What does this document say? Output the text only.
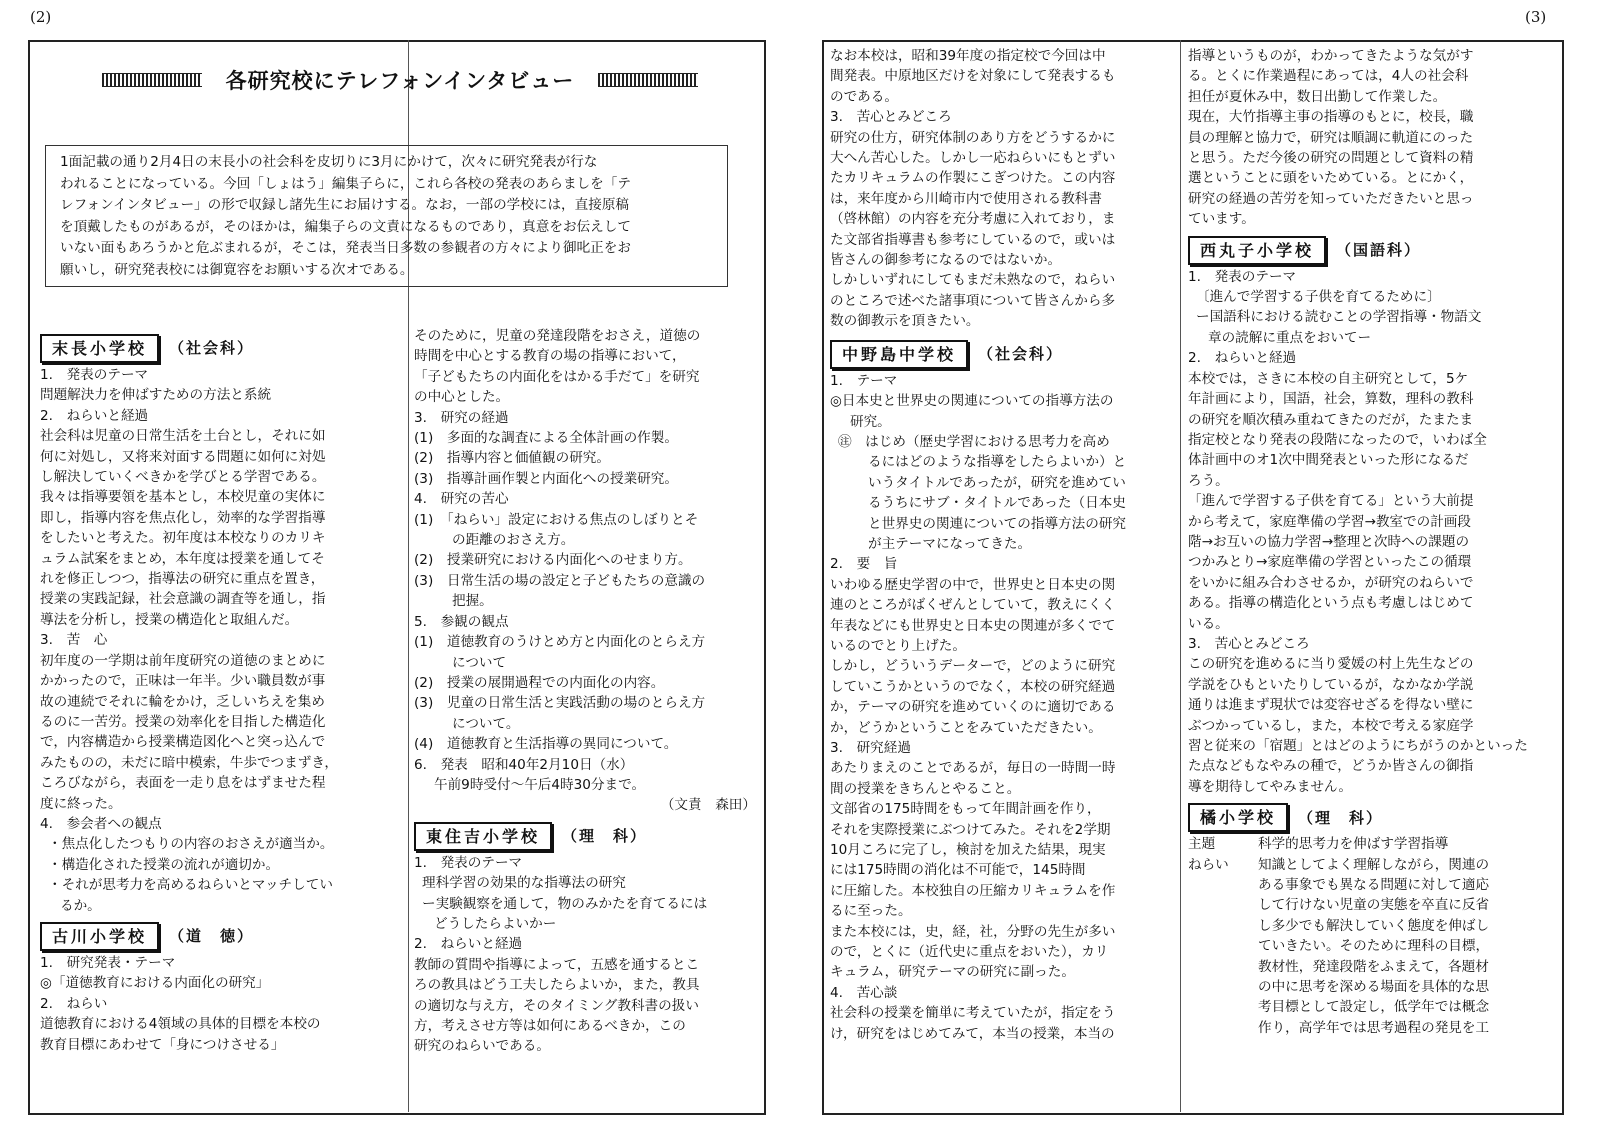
(2)	(3)
各研究校にテレフォンインタビュー

1面記載の通り2月4日の末長小の社会科を皮切りに3月にかけて，次々に研究発表が行な

われることになっている。今回「しょはう」編集子らに，これら各校の発表のあらましを「テ

レフォンインタビュー」の形で収録し諸先生にお届けする。なお，一部の学校には，直接原稿

を頂戴したものがあるが，そのほかは，編集子らの文責になるものであり，真意をお伝えして

いない面もあろうかと危ぶまれるが，そこは，発表当日多数の参観者の方々により御叱正をお

願いし，研究発表校には御寛容をお願いする次オである。

末長小学校	（社会科）

1.　発表のテーマ

問題解決力を伸ばすための方法と系統

2.　ねらいと経過

社会科は児童の日常生活を土台とし，それに如

何に対処し，又将来対面する問題に如何に対処

し解決していくべきかを学びとる学習である。

我々は指導要領を基本とし，本校児童の実体に

即し，指導内容を焦点化し，効率的な学習指導

をしたいと考えた。初年度は本校なりのカリキ

ュラム試案をまとめ，本年度は授業を通してそ

れを修正しつつ，指導法の研究に重点を置き，

授業の実践記録，社会意識の調査等を通し，指

導法を分析し，授業の構造化と取組んだ。

3.　苦　心

初年度の一学期は前年度研究の道徳のまとめに

かかったので，正味は一年半。少い職員数が事

故の連続でそれに輪をかけ，乏しいちえを集め

るのに一苦労。授業の効率化を目指した構造化

で，内容構造から授業構造図化へと突っ込んで

みたものの，未だに暗中模索，牛歩でつまずき，

ころびながら，表面を一走り息をはずませた程

度に終った。

4.　参会者への観点

・焦点化したつもりの内容のおさえが適当か。

・構造化された授業の流れが適切か。

・それが思考力を高めるねらいとマッチしてい

るか。

古川小学校	（道　徳）

1.　研究発表・テーマ

◎「道徳教育における内面化の研究」

2.　ねらい

道徳教育における4領域の具体的目標を本校の

教育目標にあわせて「身につけさせる」

そのために，児童の発達段階をおさえ，道徳の

時間を中心とする教育の場の指導において，

「子どもたちの内面化をはかる手だて」を研究

の中心とした。

3.　研究の経過

(1)　多面的な調査による全体計画の作製。

(2)　指導内容と価値観の研究。

(3)　指導計画作製と内面化への授業研究。

4.　研究の苦心

(1)　「ねらい」設定における焦点のしぼりとそ

の距離のおさえ方。

(2)　授業研究における内面化へのせまり方。

(3)　日常生活の場の設定と子どもたちの意識の

把握。

5.　参観の観点

(1)　道徳教育のうけとめ方と内面化のとらえ方

について

(2)　授業の展開過程での内面化の内容。

(3)　児童の日常生活と実践活動の場のとらえ方

について。

(4)　道徳教育と生活指導の異同について。

6.　発表　昭和40年2月10日（水）

午前9時受付〜午后4時30分まで。

（文責　森田）
東住吉小学校	（理　科）

1.　発表のテーマ

理科学習の効果的な指導法の研究

ー実験観察を通して，物のみかたを育てるには

どうしたらよいかー

2.　ねらいと経過

教師の質問や指導によって，五感を通するとこ

ろの教具はどう工夫したらよいか，また，教具

の適切な与え方，そのタイミング教科書の扱い

方，考えさせ方等は如何にあるべきか，この

研究のねらいである。

なお本校は，昭和39年度の指定校で今回は中

間発表。中原地区だけを対象にして発表するも

のである。

3.　苦心とみどころ

研究の仕方，研究体制のあり方をどうするかに

大へん苦心した。しかし一応ねらいにもとずい

たカリキュラムの作製にこぎつけた。この内容

は，来年度から川崎市内で使用される教科書

（啓林館）の内容を充分考慮に入れており，ま

た文部省指導書も参考にしているので，或いは

皆さんの御参考になるのではないか。

しかしいずれにしてもまだ未熟なので，ねらい

のところで述べた諸事項について皆さんから多

数の御教示を頂きたい。

中野島中学校	（社会科）

1.　テーマ

◎日本史と世界史の関連についての指導方法の

研究。

㊟　はじめ（歴史学習における思考力を高め

るにはどのような指導をしたらよいか）と

いうタイトルであったが，研究を進めてい

るうちにサブ・タイトルであった（日本史

と世界史の関連についての指導方法の研究

が主テーマになってきた。

2.　要　旨

いわゆる歴史学習の中で，世界史と日本史の関

連のところがばくぜんとしていて，教えにくく

年表などにも世界史と日本史の関連が多くでて

いるのでとり上げた。

しかし，どういうデーターで，どのように研究

していこうかというのでなく，本校の研究経過

か，テーマの研究を進めていくのに適切である

か，どうかということをみていただきたい。

3.　研究経過

あたりまえのことであるが，毎日の一時間一時

間の授業をきちんとやること。

文部省の175時間をもって年間計画を作り，

それを実際授業にぶつけてみた。それを2学期

10月ころに完了し，検討を加えた結果，現実

には175時間の消化は不可能で，145時間

に圧縮した。本校独自の圧縮カリキュラムを作

るに至った。

また本校には，史，経，社，分野の先生が多い

ので，とくに（近代史に重点をおいた），カリ

キュラム，研究テーマの研究に副った。

4.　苦心談

社会科の授業を簡単に考えていたが，指定をう

け，研究をはじめてみて，本当の授業，本当の

指導というものが，わかってきたような気がす

る。とくに作業過程にあっては，4人の社会科

担任が夏休み中，数日出勤して作業した。

現在，大竹指導主事の指導のもとに，校長，職

員の理解と協力で，研究は順調に軌道にのった

と思う。ただ今後の研究の問題として資料の精

選ということに頭をいためている。とにかく，

研究の経過の苦労を知っていただきたいと思っ

ています。

西丸子小学校	（国語科）

1.　発表のテーマ

〔進んで学習する子供を育てるために〕

ー国語科における読むことの学習指導・物語文

章の読解に重点をおいてー

2.　ねらいと経過

本校では，さきに本校の自主研究として，5ケ

年計画により，国語，社会，算数，理科の教科

の研究を順次積み重ねてきたのだが，たまたま

指定校となり発表の段階になったので，いわば全

体計画中のオ1次中間発表といった形になるだ

ろう。

「進んで学習する子供を育てる」という大前提

から考えて，家庭準備の学習→教室での計画段

階→お互いの協力学習→整理と次時への課題の

つかみとり→家庭準備の学習といったこの循環

をいかに組み合わさせるか，が研究のねらいで

ある。指導の構造化という点も考慮しはじめて

いる。

3.　苦心とみどころ

この研究を進めるに当り愛媛の村上先生などの

学説をひもといたりしているが，なかなか学説

通りは進まず現状では変容せざるを得ない壁に

ぶつかっているし，また，本校で考える家庭学

習と従来の「宿題」とはどのようにちがうのかといった

た点などもなやみの種で，どうか皆さんの御指

導を期待してやみません。

橘小学校	（理　科）
主題	科学的思考力を伸ばす学習指導
ねらい	知識としてよく理解しながら，関連の
ある事象でも異なる問題に対して適応
して行けない児童の実態を卒直に反省
し多少でも解決していく態度を伸ばし
ていきたい。そのために理科の目標，
教材性，発達段階をふまえて，各題材
の中に思考を深める場面を具体的な思
考目標として設定し，低学年では概念
作り，高学年では思考過程の発見を工
